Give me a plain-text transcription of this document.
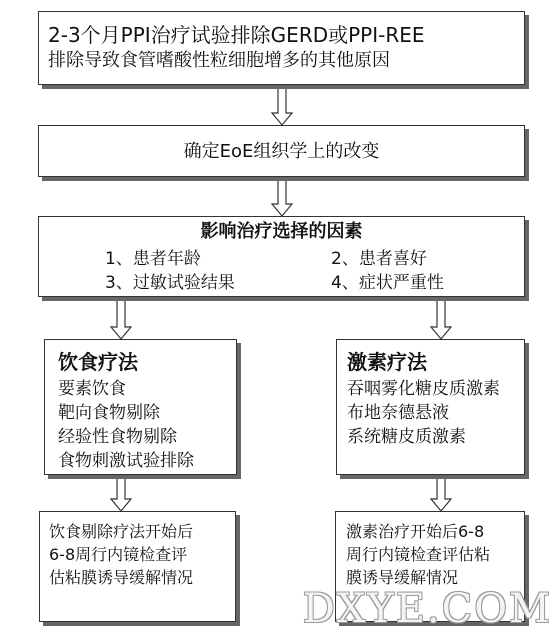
2-3个月PPI治疗试验排除GERD或PPI-REE
排除导致食管嗜酸性粒细胞增多的其他原因
确定EoE组织学上的改变
影响治疗选择的因素
1、患者年龄	2、患者喜好
3、过敏试验结果	4、症状严重性
饮食疗法
要素饮食
靶向食物剔除
经验性食物剔除
食物刺激试验排除
激素疗法
吞咽雾化糖皮质激素
布地奈德悬液
系统糖皮质激素
饮食剔除疗法开始后
6-8周行内镜检查评
估粘膜诱导缓解情况
激素治疗开始后6-8
周行内镜检查评估粘
膜诱导缓解情况
DXYE.COM
